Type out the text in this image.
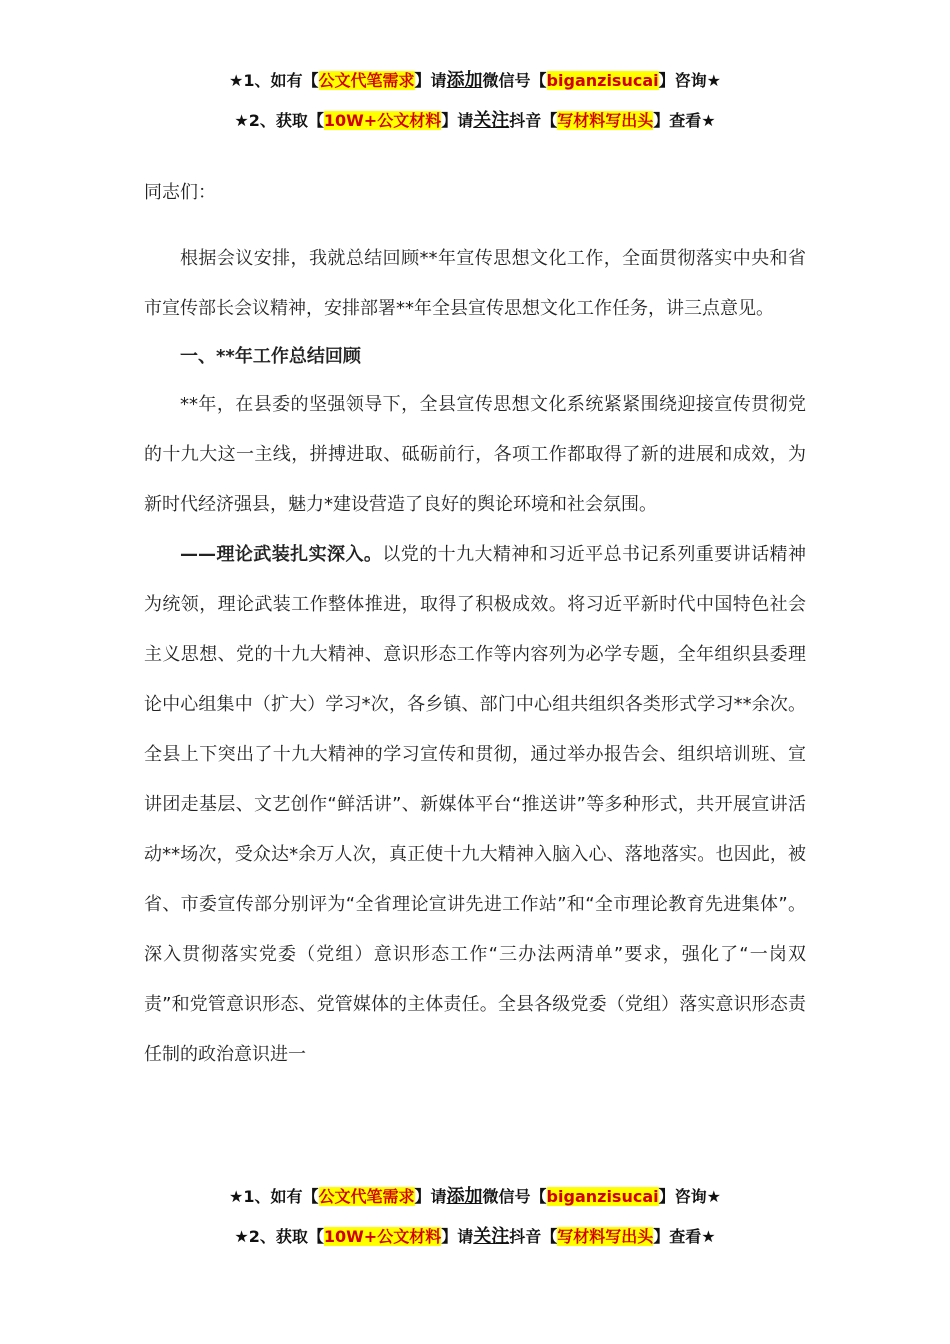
★1、如有【公文代笔需求】请添加微信号【biganzisucai】咨询★
★2、获取【10W+公文材料】请关注抖音【写材料写出头】查看★

同志们：

根据会议安排，我就总结回顾**年宣传思想文化工作，全面贯彻落实中央和省市宣传部长会议精神，安排部署**年全县宣传思想文化工作任务，讲三点意见。

一、**年工作总结回顾

**年，在县委的坚强领导下，全县宣传思想文化系统紧紧围绕迎接宣传贯彻党的十九大这一主线，拼搏进取、砥砺前行，各项工作都取得了新的进展和成效，为新时代经济强县，魅力*建设营造了良好的舆论环境和社会氛围。

——理论武装扎实深入。以党的十九大精神和习近平总书记系列重要讲话精神为统领，理论武装工作整体推进，取得了积极成效。将习近平新时代中国特色社会主义思想、党的十九大精神、意识形态工作等内容列为必学专题，全年组织县委理论中心组集中（扩大）学习*次，各乡镇、部门中心组共组织各类形式学习**余次。全县上下突出了十九大精神的学习宣传和贯彻，通过举办报告会、组织培训班、宣讲团走基层、文艺创作“鲜活讲”、新媒体平台“推送讲”等多种形式，共开展宣讲活动**场次，受众达*余万人次，真正使十九大精神入脑入心、落地落实。也因此，被省、市委宣传部分别评为“全省理论宣讲先进工作站”和“全市理论教育先进集体”。深入贯彻落实党委（党组）意识形态工作“三办法两清单”要求，强化了“一岗双责”和党管意识形态、党管媒体的主体责任。全县各级党委（党组）落实意识形态责任制的政治意识进一

★1、如有【公文代笔需求】请添加微信号【biganzisucai】咨询★
★2、获取【10W+公文材料】请关注抖音【写材料写出头】查看★
